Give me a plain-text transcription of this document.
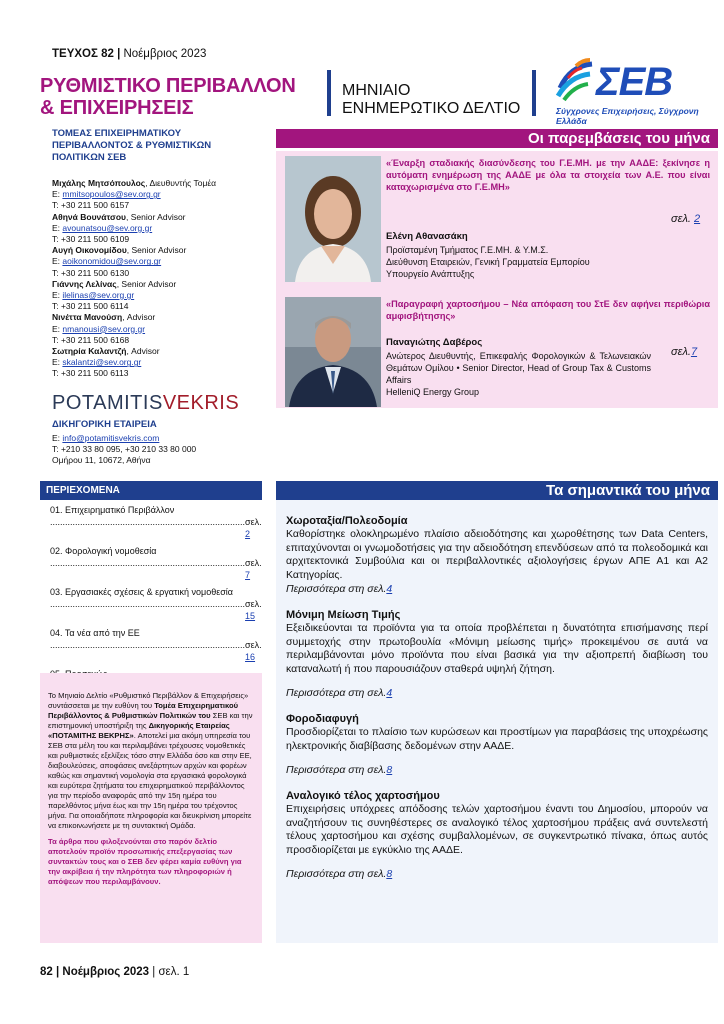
ΤΕΥΧΟΣ 82 | Νοέμβριος 2023
ΡΥΘΜΙΣΤΙΚΟ ΠΕΡΙΒΑΛΛΟΝ
& ΕΠΙΧΕΙΡΗΣΕΙΣ
ΜΗΝΙΑΙΟ
ΕΝΗΜΕΡΩΤΙΚΟ ΔΕΛΤΙΟ
ΣΕΒ
Σύγχρονες Επιχειρήσεις, Σύγχρονη Ελλάδα
ΤΟΜΕΑΣ ΕΠΙΧΕΙΡΗΜΑΤΙΚΟΥ
ΠΕΡΙΒΑΛΛΟΝΤΟΣ & ΡΥΘΜΙΣΤΙΚΩΝ
ΠΟΛΙΤΙΚΩΝ ΣΕΒ
Μιχάλης Μητσόπουλος, Διευθυντής Τομέα
E: mmitsopoulos@sev.org.gr
T: +30 211 500 6157
Αθηνά Βουνάτσου, Senior Advisor
E: avounatsou@sev.org.gr
T: +30 211 500 6109
Αυγή Οικονομίδου, Senior Advisor
E: aoikonomidou@sev.org.gr
T: +30 211 500 6130
Γιάννης Λελίνας, Senior Advisor
E: ilelinas@sev.org.gr
T: +30 211 500 6114
Νινέττα Μανούση, Advisor
E: nmanousi@sev.org.gr
T: +30 211 500 6168
Σωτηρία Καλαντζή, Advisor
E: skalantzi@sev.org.gr
T: +30 211 500 6113
POTAMITISVEKRIS
ΔΙΚΗΓΟΡΙΚΗ ΕΤΑΙΡΕΙΑ
E: info@potamitisvekris.com
T: +210 33 80 095, +30 210 33 80 000
Ομήρου 11, 10672, Αθήνα
Οι παρεμβάσεις του μήνα
«Έναρξη σταδιακής διασύνδεσης του Γ.Ε.ΜΗ. με την ΑΑΔΕ: ξεκίνησε η αυτόματη ενημέρωση της ΑΑΔΕ με όλα τα στοιχεία των Α.Ε. που είναι καταχωρισμένα στο Γ.Ε.ΜΗ»
Ελένη Αθανασάκη
Προϊσταμένη Τμήματος Γ.Ε.ΜΗ. & Υ.Μ.Σ.
Διεύθυνση Εταιρειών, Γενική Γραμματεία Εμπορίου
Υπουργείο Ανάπτυξης
σελ. 2
«Παραγραφή χαρτοσήμου – Νέα απόφαση του ΣτΕ δεν αφήνει περιθώρια αμφισβήτησης»
Παναγιώτης Δαβέρος
Ανώτερος Διευθυντής, Επικεφαλής Φορολογικών & Τελωνειακών Θεμάτων Ομίλου • Senior Director, Head of Group Tax & Customs Affairs
HelleniQ Energy Group
σελ.7
ΠΕΡΙΕΧΟΜΕΝΑ
01. Επιχειρηματικό Περιβάλλον
.............................................................................. σελ. 2
02. Φορολογική νομοθεσία
.............................................................................. σελ. 7
03. Εργασιακές σχέσεις & εργατική νομοθεσία
.............................................................................. σελ. 15
04. Τα νέα από την ΕΕ
.............................................................................. σελ. 16
Το Μηνιαίο Δελτίο «Ρυθμιστικό Περιβάλλον & Επιχειρήσεις» συντάσσεται με την ευθύνη του Τομέα Επιχειρηματικού Περιβάλλοντος & Ρυθμιστικών Πολιτικών του ΣΕΒ και την επιστημονική υποστήριξη της Δικηγορικής Εταιρείας «ΠΟΤΑΜΙΤΗΣ ΒΕΚΡΗΣ». Αποτελεί μια ακόμη υπηρεσία του ΣΕΒ στα μέλη του και περιλαμβάνει τρέχουσες νομοθετικές και ρυθμιστικές εξελίξεις τόσο στην Ελλάδα όσο και στην ΕΕ, διαβουλεύσεις, αποφάσεις ανεξάρτητων αρχών και φορέων καθώς και σημαντική νομολογία στα εργασιακά φορολογικά και ευρύτερα ζητήματα του επιχειρηματικού περιβάλλοντος για την περίοδο αναφοράς από την 15η ημέρα του παρελθόντος μήνα έως και την 15η ημέρα του τρέχοντος μήνα. Για οποιαδήποτε πληροφορία και διευκρίνιση μπορείτε να επικοινωνήσετε με τη συντακτική Ομάδα.
Τα άρθρα που φιλοξενούνται στο παρόν δελτίο αποτελούν προϊόν προσωπικής επεξεργασίας των συντακτών τους και ο ΣΕΒ δεν φέρει καμία ευθύνη για την ακρίβεια ή την πληρότητα των πληροφοριών ή απόψεων που περιλαμβάνουν.
Τα σημαντικά του μήνα
Χωροταξία/Πολεοδομία
Καθορίστηκε ολοκληρωμένο πλαίσιο αδειοδότησης και χωροθέτησης των Data Centers, επιταχύνονται οι γνωμοδοτήσεις για την αδειοδότηση επενδύσεων από τα πολεοδομικά και αρχιτεκτονικά Συμβούλια και οι περιβαλλοντικές αξιολογήσεις έργων ΑΠΕ Α1 και Α2 Κατηγορίας.
Περισσότερα στη σελ.4
Μόνιμη Μείωση Τιμής
Εξειδικεύονται τα προϊόντα για τα οποία προβλέπεται η δυνατότητα επισήμανσης περί συμμετοχής στην πρωτοβουλία «Μόνιμη μείωσης τιμής» προκειμένου σε αυτά να περιλαμβάνονται μόνο προϊόντα που είναι βασικά για την αξιοπρεπή διαβίωση του καταναλωτή ή που παρουσιάζουν σταθερά υψηλή ζήτηση.
Περισσότερα στη σελ.4
Φοροδιαφυγή
Προσδιορίζεται το πλαίσιο των κυρώσεων και προστίμων για παραβάσεις της υποχρέωσης ηλεκτρονικής διαβίβασης δεδομένων στην ΑΑΔΕ.
Περισσότερα στη σελ.8
Αναλογικό τέλος χαρτοσήμου
Επιχειρήσεις υπόχρεες απόδοσης τελών χαρτοσήμου έναντι του Δημοσίου, μπορούν να αναζητήσουν τις συνηθέστερες σε αναλογικό τέλος χαρτοσήμου πράξεις ανά συντελεστή τέλους χαρτοσήμου και σχέσης συμβαλλομένων, σε συγκεντρωτικό πίνακα, όπως αυτός προσδιορίζεται με εγκύκλιο της ΑΑΔΕ.
Περισσότερα στη σελ.8
82 | Νοέμβριος 2023 | σελ. 1
